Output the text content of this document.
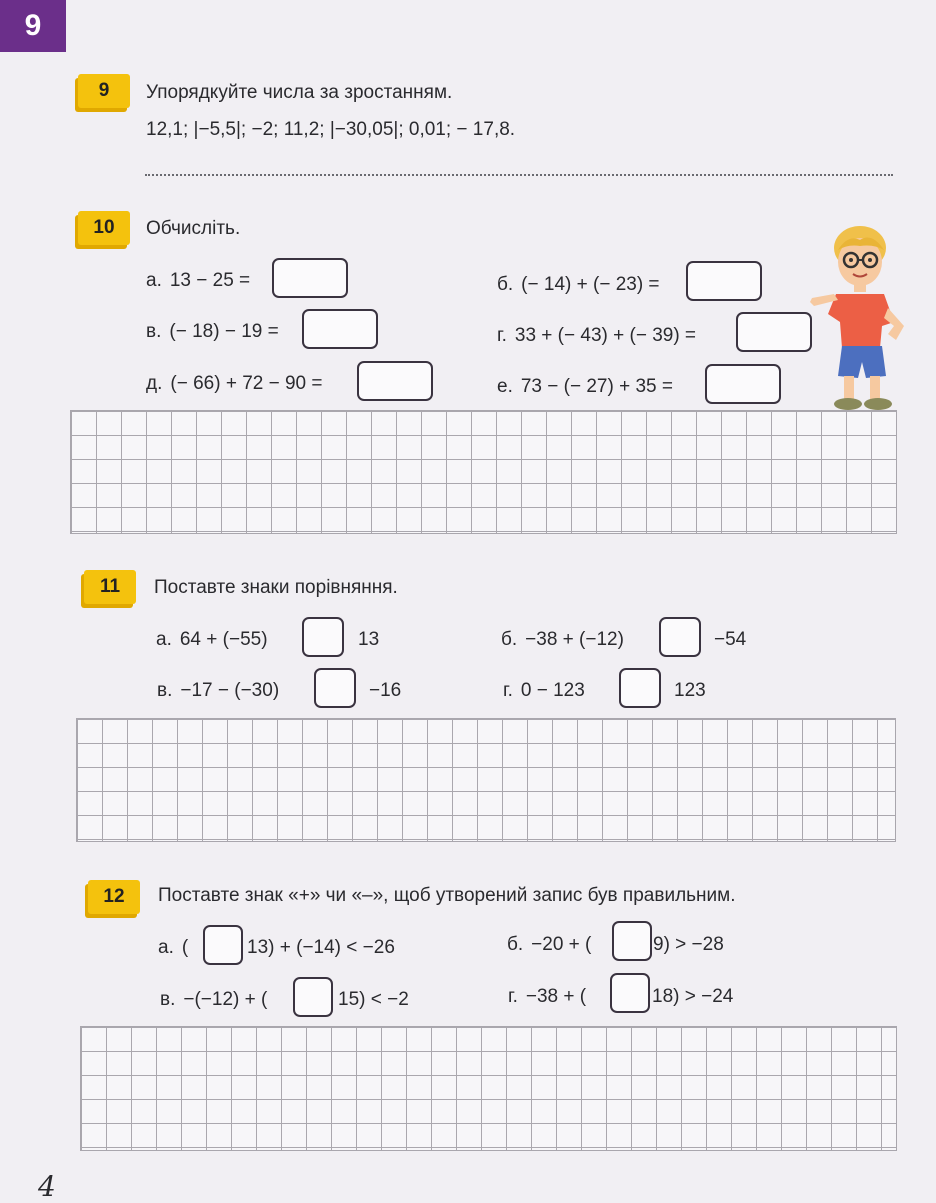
9
9	Упорядкуйте числа за зростанням.
12,1; |−5,5|; −2; 11,2; |−30,05|; 0,01; − 17,8.
10	Обчисліть.
а. 13 − 25 =	б. (− 14) + (− 23) =
в. (− 18) − 19 =	г. 33 + (− 43) + (− 39) =
д. (− 66) + 72 − 90 =	е. 73 − (− 27) + 35 =
11	Поставте знаки порівняння.
а. 64 + (−55)	13	б. −38 + (−12)	−54
в. −17 − (−30)	−16	г. 0 − 123	123
12	Поставте знак «+» чи «–», щоб утворений запис був правильним.
а. (	13) + (−14) < −26	б. −20 + (	9) > −28
в. −(−12) + (	15) < −2	г. −38 + (	18) > −24
4
